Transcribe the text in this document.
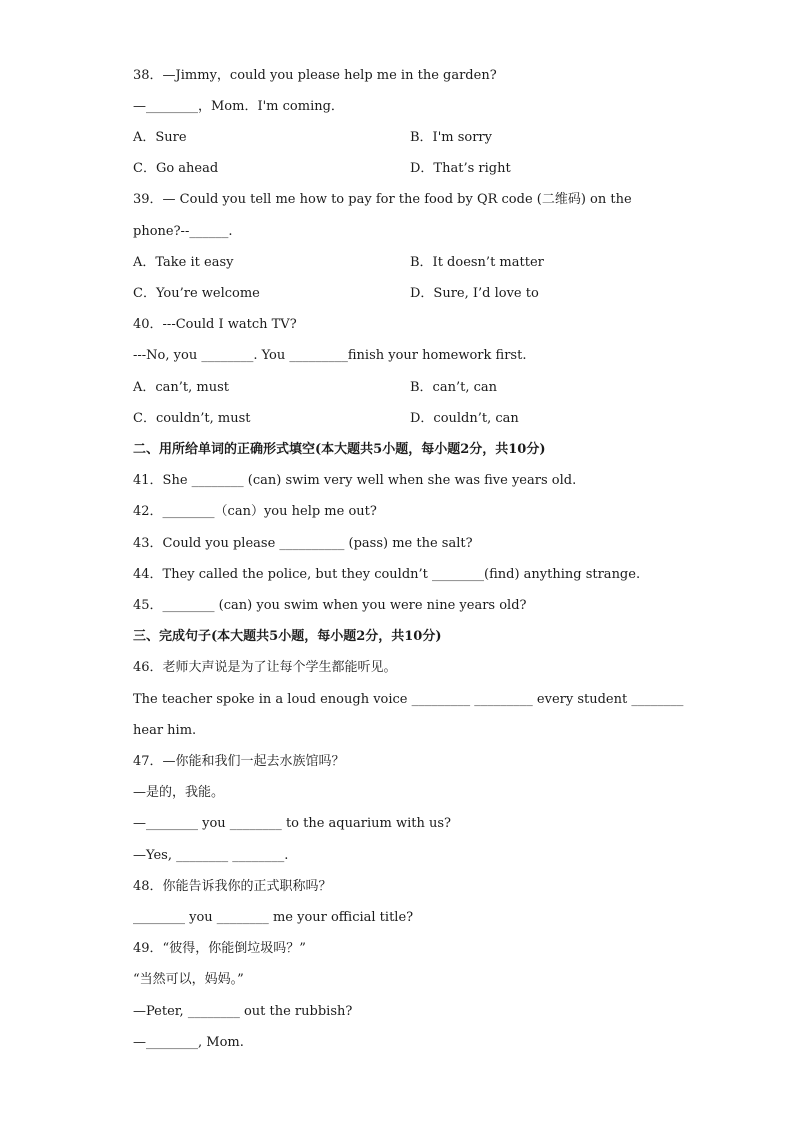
38．—Jimmy，could you please help me in the garden?
—________，Mom．I'm coming．
A．Sure	B．I'm sorry
C．Go ahead	D．That’s right
39．— Could you tell me how to pay for the food by QR code (二维码) on the
phone?--______.
A．Take it easy	B．It doesn’t matter
C．You’re welcome	D．Sure, I’d love to
40．---Could I watch TV?
---No, you ________. You _________finish your homework first.
A．can’t, must	B．can’t, can
C．couldn’t, must	D．couldn’t, can
二、用所给单词的正确形式填空(本大题共5小题，每小题2分，共10分)
41．She ________ (can) swim very well when she was five years old.
42．________（can）you help me out?
43．Could you please __________ (pass) me the salt?
44．They called the police, but they couldn’t ________(find) anything strange.
45．________ (can) you swim when you were nine years old?
三、完成句子(本大题共5小题，每小题2分，共10分)
46．老师大声说是为了让每个学生都能听见。
The teacher spoke in a loud enough voice _________ _________ every student ________
hear him.
47．—你能和我们一起去水族馆吗？
—是的，我能。
—________ you ________ to the aquarium with us?
—Yes, ________ ________.
48．你能告诉我你的正式职称吗？
________ you ________ me your official title?
49．“彼得，你能倒垃圾吗？”
“当然可以，妈妈。”
—Peter, ________ out the rubbish?
—________, Mom.
